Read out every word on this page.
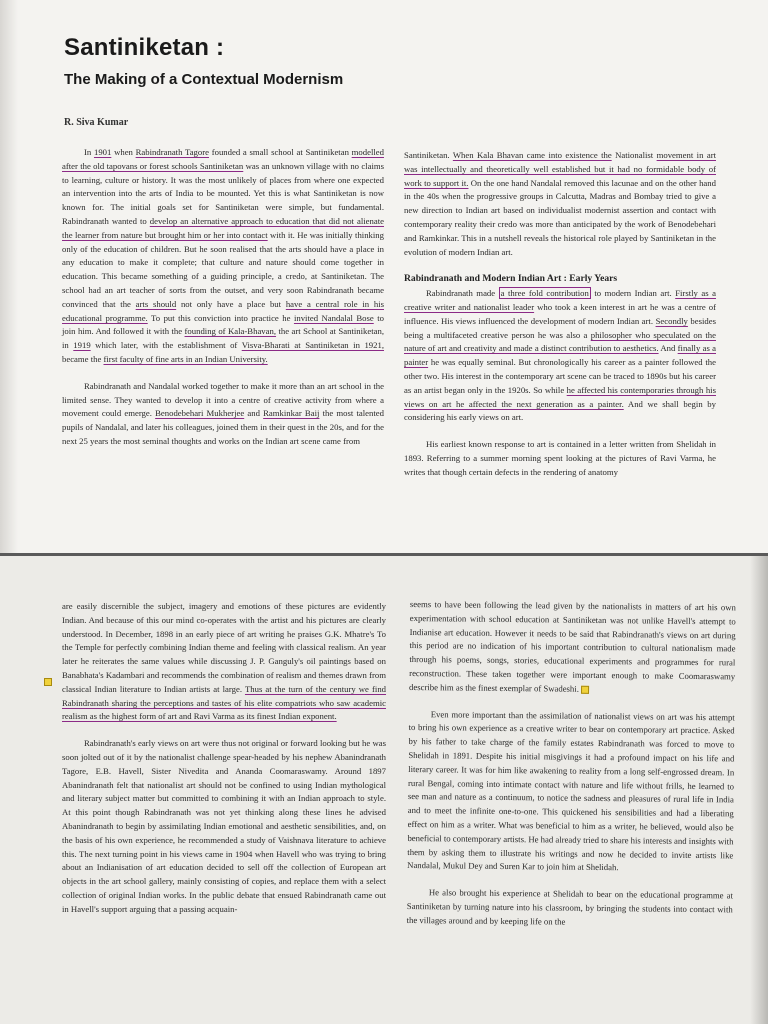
Santiniketan :
The Making of a Contextual Modernism

R. Siva Kumar

In 1901 when Rabindranath Tagore founded a small school at Santiniketan modelled after the old tapovans or forest schools Santiniketan was an unknown village with no claims to learning, culture or history. It was the most unlikely of places from where one expected an intervention into the arts of India to be mounted. Yet this is what Santiniketan is now known for. The initial goals set for Santiniketan were simple, but fundamental. Rabindranath wanted to develop an alternative approach to education that did not alienate the learner from nature but brought him or her into contact with it. He was initially thinking only of the education of children. But he soon realised that the arts should have a place in any education to make it complete; that culture and nature should come together in education. This became something of a guiding principle, a credo, at Santiniketan. The school had an art teacher of sorts from the outset, and very soon Rabindranath became convinced that the arts should not only have a place but have a central role in his educational programme. To put this conviction into practice he invited Nandalal Bose to join him. And followed it with the founding of Kala-Bhavan, the art School at Santiniketan, in 1919 which later, with the establishment of Visva-Bharati at Santiniketan in 1921, became the first faculty of fine arts in an Indian University.

Rabindranath and Nandalal worked together to make it more than an art school in the limited sense. They wanted to develop it into a centre of creative activity from where a movement could emerge. Benodebehari Mukherjee and Ramkinkar Baij the most talented pupils of Nandalal, and later his colleagues, joined them in their quest in the 20s, and for the next 25 years the most seminal thoughts and works on the Indian art scene came from

Santiniketan. When Kala Bhavan came into existence the Nationalist movement in art was intellectually and theoretically well established but it had no formidable body of work to support it. On the one hand Nandalal removed this lacunae and on the other hand in the 40s when the progressive groups in Calcutta, Madras and Bombay tried to give a new direction to Indian art based on individualist modernist assertion and contact with contemporary reality their credo was more than anticipated by the work of Benodebehari and Ramkinkar. This in a nutshell reveals the historical role played by Santiniketan in the evolution of modern Indian art.

Rabindranath and Modern Indian Art : Early Years

Rabindranath made a three fold contribution to modern Indian art. Firstly as a creative writer and nationalist leader who took a keen interest in art he was a centre of influence. His views influenced the development of modern Indian art. Secondly besides being a multifaceted creative person he was also a philosopher who speculated on the nature of art and creativity and made a distinct contribution to aesthetics. And finally as a painter he was equally seminal. But chronologically his career as a painter followed the other two. His interest in the contemporary art scene can be traced to 1890s but his career as an artist began only in the 1920s. So while he affected his contemporaries through his views on art he affected the next generation as a painter. And we shall begin by considering his early views on art.

His earliest known response to art is contained in a letter written from Shelidah in 1893. Referring to a summer morning spent looking at the pictures of Ravi Varma, he writes that though certain defects in the rendering of anatomy

are easily discernible the subject, imagery and emotions of these pictures are evidently Indian. And because of this our mind co-operates with the artist and his pictures are clearly understood. In December, 1898 in an early piece of art writing he praises G.K. Mhatre's To the Temple for perfectly combining Indian theme and feeling with classical realism. An year later he reiterates the same values while discussing J. P. Ganguly's oil paintings based on Banabhata's Kadambari and recommends the combination of realism and themes drawn from classical Indian literature to Indian artists at large. Thus at the turn of the century we find Rabindranath sharing the perceptions and tastes of his elite compatriots who saw academic realism as the highest form of art and Ravi Varma as its finest Indian exponent.

Rabindranath's early views on art were thus not original or forward looking but he was soon jolted out of it by the nationalist challenge spear-headed by his nephew Abanindranath Tagore, E.B. Havell, Sister Nivedita and Ananda Coomaraswamy. Around 1897 Abanindranath felt that nationalist art should not be confined to using Indian mythological and literary subject matter but committed to combining it with an Indian approach to style. At this point though Rabindranath was not yet thinking along these lines he advised Abanindranath to begin by assimilating Indian emotional and aesthetic sensibilities, and, on the basis of his own experience, he recommended a study of Vaishnava literature to achieve this. The next turning point in his views came in 1904 when Havell who was trying to bring about an Indianisation of art education decided to sell off the collection of European art objects in the art school gallery, mainly consisting of copies, and replace them with a select collection of original Indian works. In the public debate that ensued Rabindranath came out in Havell's support arguing that a passing acquain-

seems to have been following the lead given by the nationalists in matters of art his own experimentation with school education at Santiniketan was not unlike Havell's attempt to Indianise art education. However it needs to be said that Rabindranath's views on art during this period are no indication of his important contribution to cultural nationalism made through his poems, songs, stories, educational experiments and programmes for rural reconstruction. These taken together were important enough to make Coomaraswamy describe him as the finest exemplar of Swadeshi.

Even more important than the assimilation of nationalist views on art was his attempt to bring his own experience as a creative writer to bear on contemporary art practice. Asked by his father to take charge of the family estates Rabindranath was forced to move to Shelidah in 1891. Despite his initial misgivings it had a profound impact on his life and literary career. It was for him like awakening to reality from a long self-engrossed dream. In rural Bengal, coming into intimate contact with nature and life without frills, he learned to see man and nature as a continuum, to notice the sadness and pleasures of rural life in India and to meet the infinite one-to-one. This quickened his sensibilities and had a liberating effect on him as a writer. What was beneficial to him as a writer, he believed, would also be beneficial to contemporary artists. He had already tried to share his interests and insights with them by asking them to illustrate his writings and now he decided to invite artists like Nandalal, Mukul Dey and Suren Kar to join him at Shelidah.

He also brought his experience at Shelidah to bear on the educational programme at Santiniketan by turning nature into his classroom, by bringing the students into contact with the villages around and by keeping life on the
